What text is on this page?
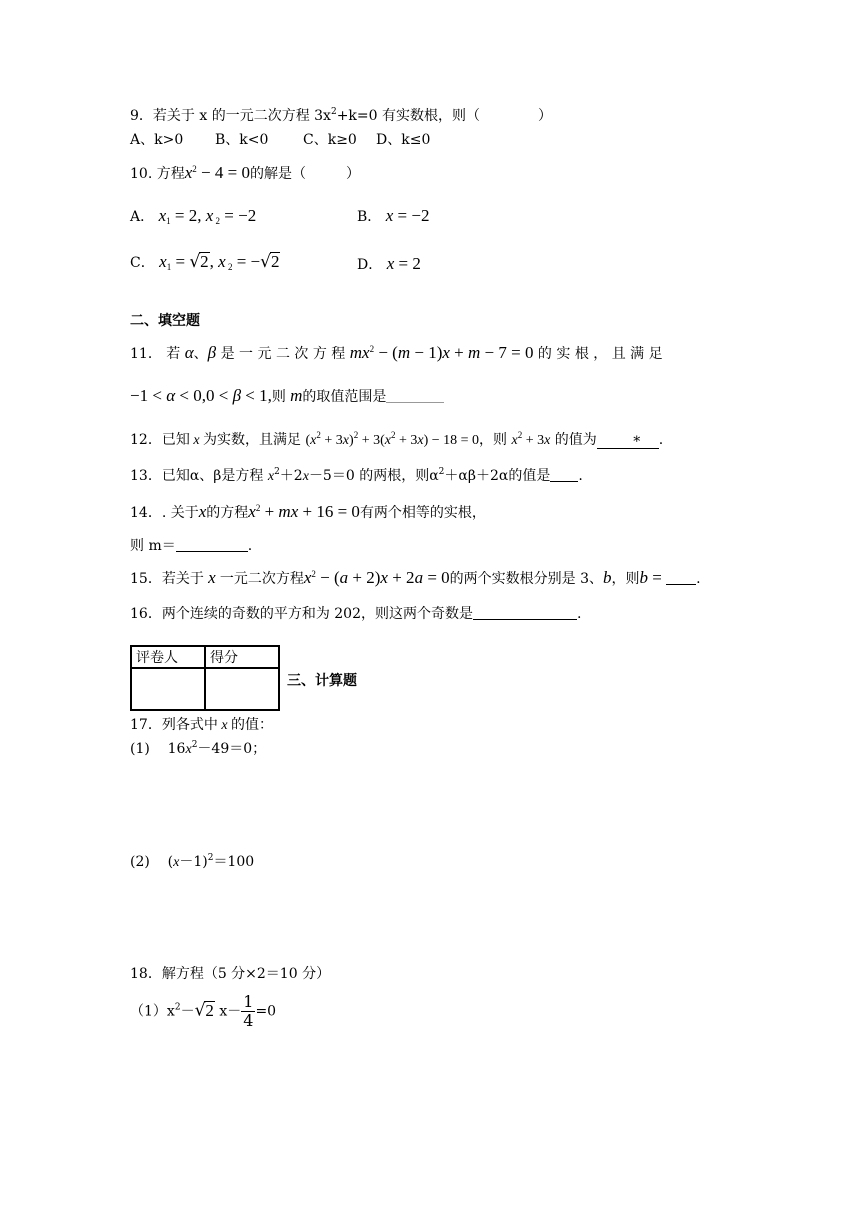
9．若关于 x 的一元二次方程 $3x^2+k=0$ 有实数根，则（	）
A、k>0 B、k<0 C、k≥0 D、k≤0
10. 方程$x^2 - 4 = 0$的解是（	）
A． $x_1 = 2$, x $_2$ = −2	B． x = −2
C． $x_1 = √2$, x $_2$ = −√2	D． x = 2
二、填空题
11． 若 α、β 是 一 元 二 次 方 程 $mx^2 - (m - 1)x + m - 7 = 0$ 的 实 根 ， 且 满 足
−1 < α < 0,0 < β < 1,则 m的取值范围是
12．已知 x 为实数，且满足 $(x^2 + 3x)^2 + 3(x^2 + 3x) - 18 = 0$，则 $x^2 + 3x$ 的值为	* .
13．已知α、β是方程 $x^2+2x-5=0$ 的两根，则$\alpha^2+\alpha\beta+2\alpha$的值是 .
14．. 关于x的方程$x^2$ + mx + 16 = 0有两个相等的实根，
则 m＝	.
15．若关于 x 一元二次方程$x^2 - (a + 2)x + 2a = 0$的两个实数根分别是 3、b，则b = .
16．两个连续的奇数的平方和为 202，则这两个奇数是	.
评卷人	得分

三、计算题
17．列各式中 x 的值：
(1)    $16x^2-49=0$；
(2)    $(x-1)^2=100$
18．解方程（5 分×2＝10 分）
$(1)x^2-√2$ $x- \frac{1}{4} =0$
